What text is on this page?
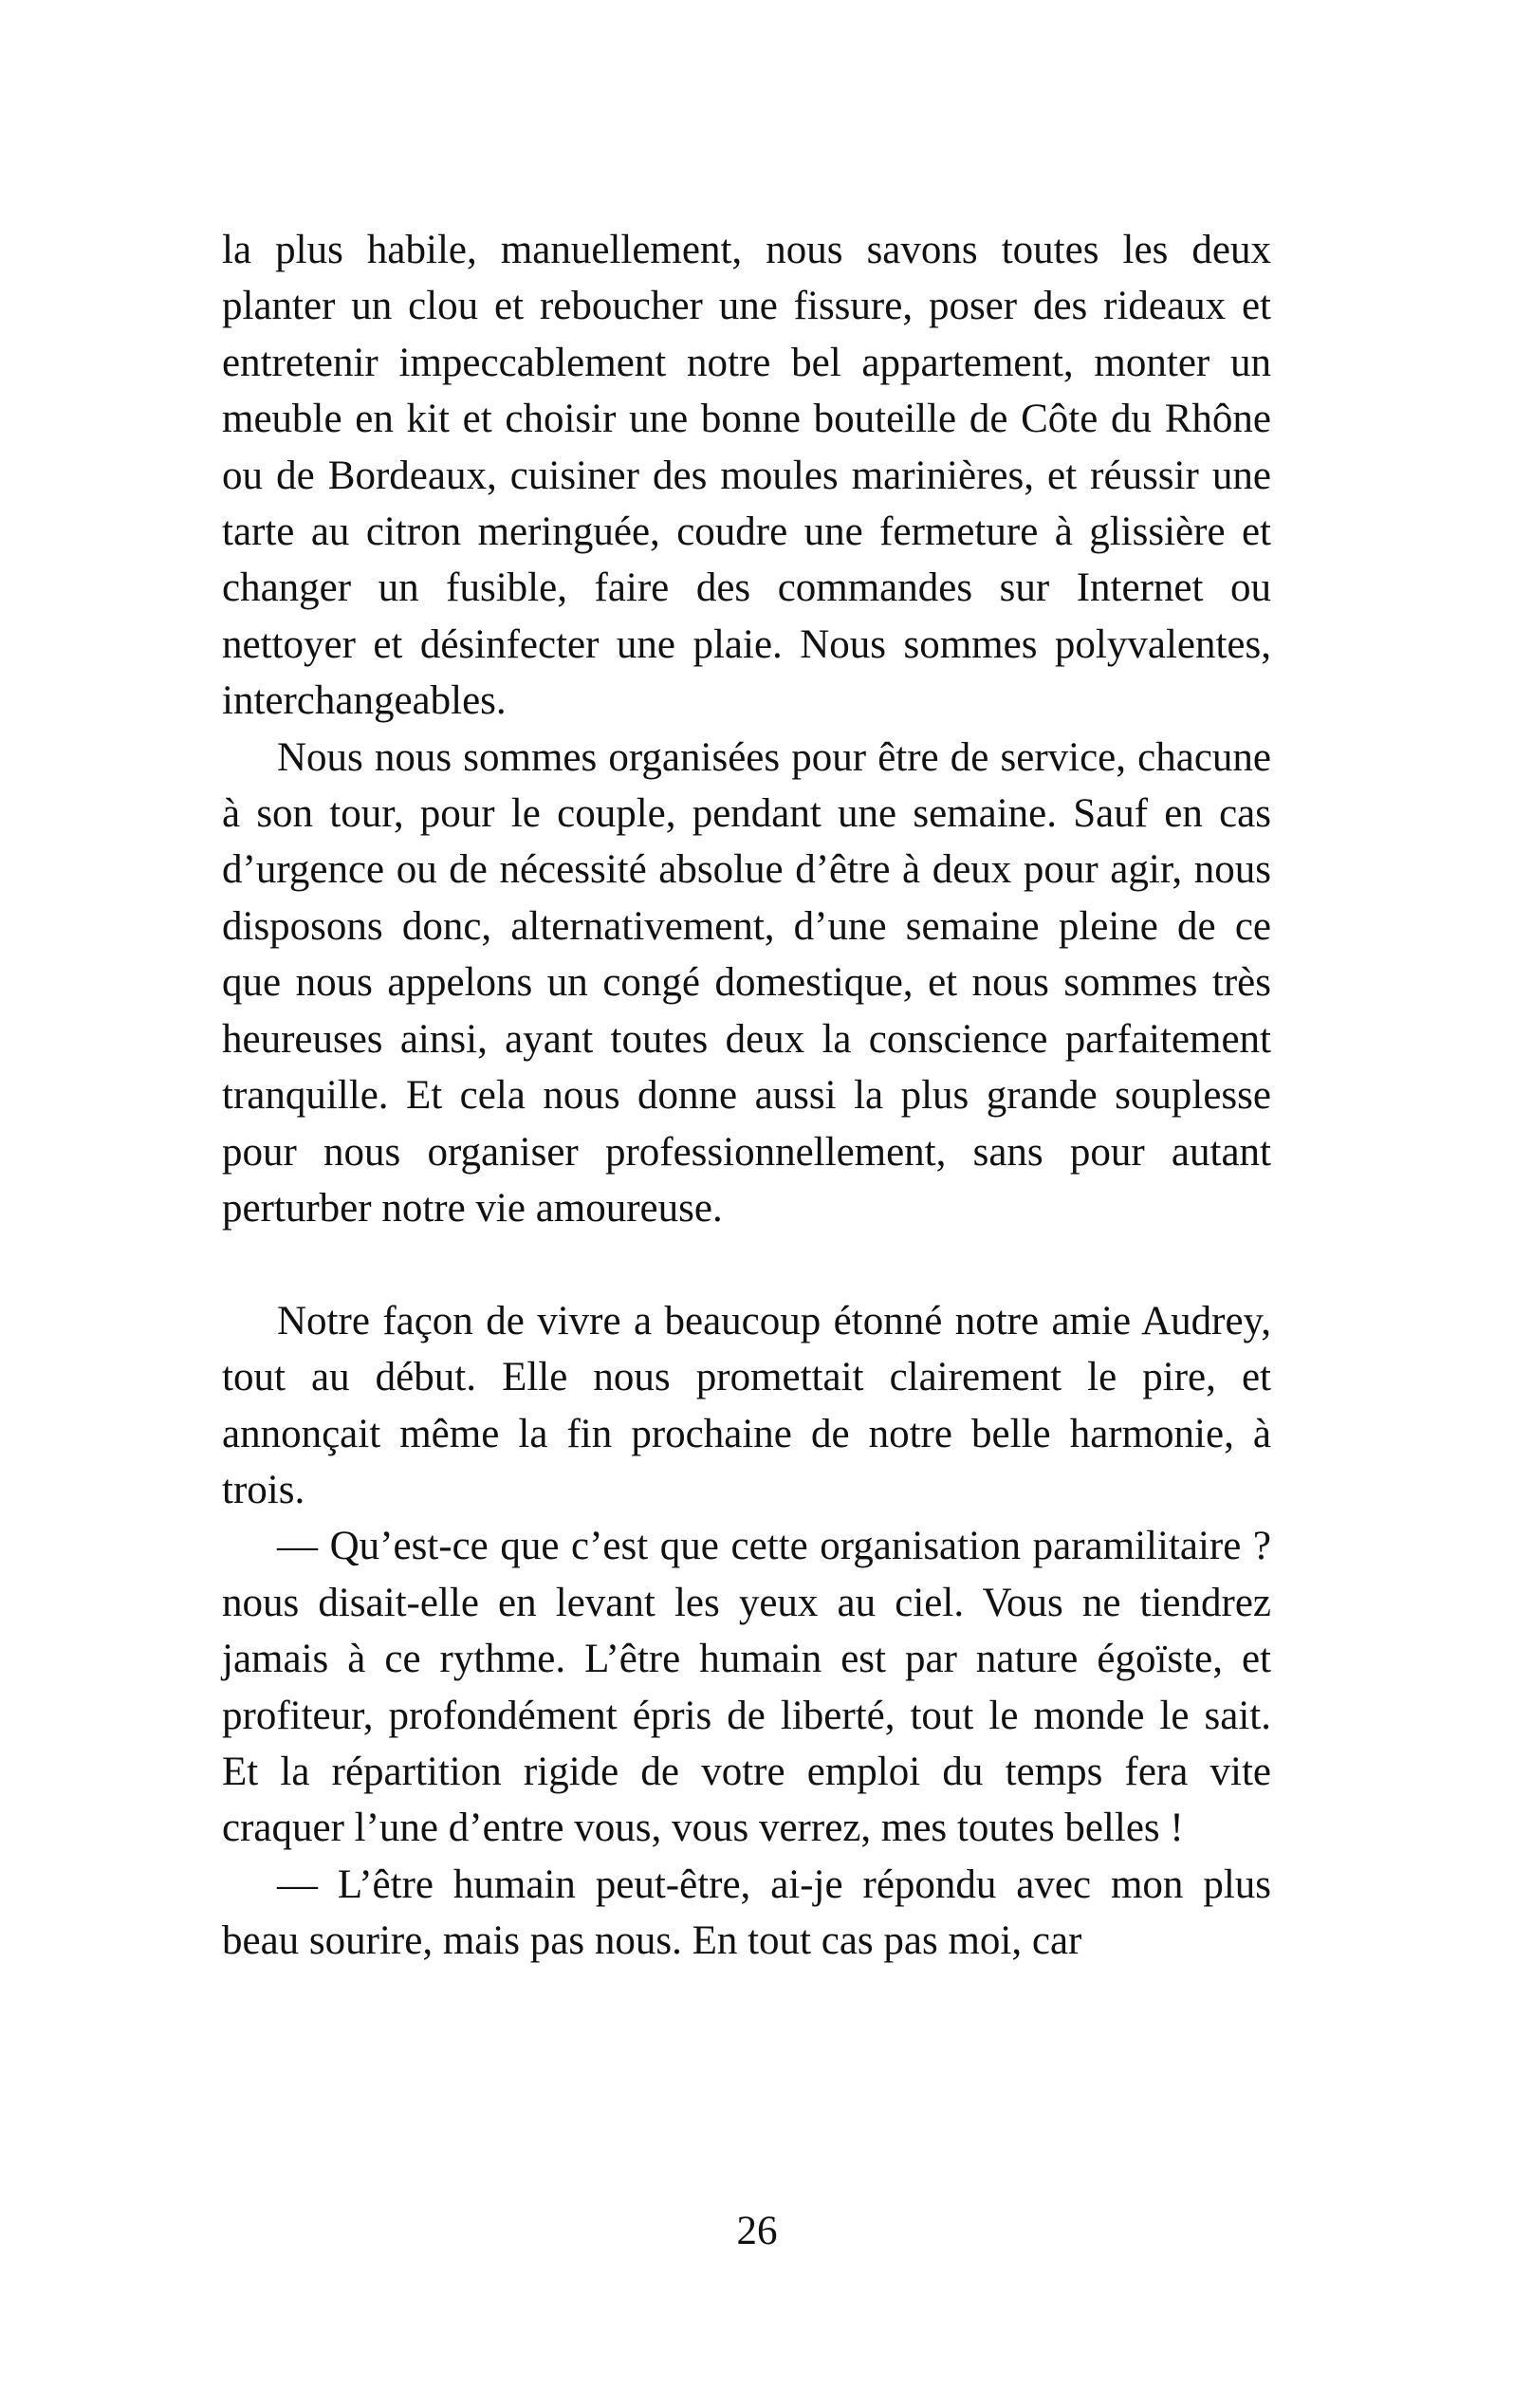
la plus habile, manuellement, nous savons toutes les deux planter un clou et reboucher une fissure, poser des rideaux et entretenir impeccablement notre bel appartement, monter un meuble en kit et choisir une bonne bouteille de Côte du Rhône ou de Bordeaux, cuisiner des moules marinières, et réussir une tarte au citron meringuée, coudre une fermeture à glissière et changer un fusible, faire des commandes sur Internet ou nettoyer et désinfecter une plaie. Nous sommes polyvalentes, interchangeables.

Nous nous sommes organisées pour être de service, chacune à son tour, pour le couple, pendant une semaine. Sauf en cas d’urgence ou de nécessité absolue d’être à deux pour agir, nous disposons donc, alternativement, d’une semaine pleine de ce que nous appelons un congé domestique, et nous sommes très heureuses ainsi, ayant toutes deux la conscience parfaitement tranquille. Et cela nous donne aussi la plus grande souplesse pour nous organiser professionnellement, sans pour autant perturber notre vie amoureuse.

Notre façon de vivre a beaucoup étonné notre amie Audrey, tout au début. Elle nous promettait clairement le pire, et annonçait même la fin prochaine de notre belle harmonie, à trois.

— Qu’est-ce que c’est que cette organisation paramilitaire ? nous disait-elle en levant les yeux au ciel. Vous ne tiendrez jamais à ce rythme. L’être humain est par nature égoïste, et profiteur, profondément épris de liberté, tout le monde le sait. Et la répartition rigide de votre emploi du temps fera vite craquer l’une d’entre vous, vous verrez, mes toutes belles !

— L’être humain peut-être, ai-je répondu avec mon plus beau sourire, mais pas nous. En tout cas pas moi, car

26
